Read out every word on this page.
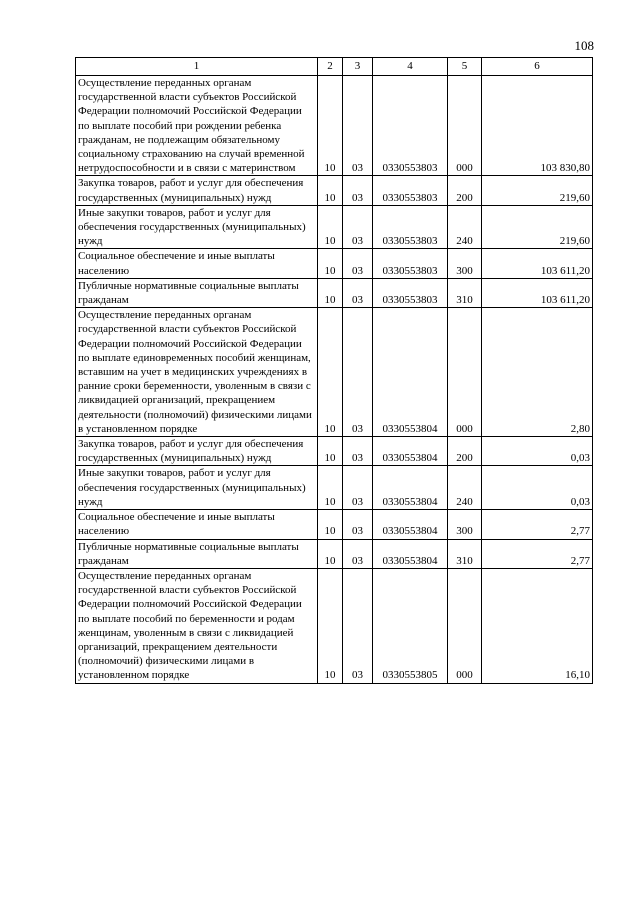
108
1	2	3	4	5	6
Осуществление переданных органам государственной власти субъектов Российской Федерации полномочий Российской Федерации по выплате пособий при рождении ребенка гражданам, не подлежащим обязательному социальному страхованию на случай временной нетрудоспособности и в связи с материнством	10	03	0330553803	000	103 830,80
Закупка товаров, работ и услуг для обеспечения государственных (муниципальных) нужд	10	03	0330553803	200	219,60
Иные закупки товаров, работ и услуг для обеспечения государственных (муниципальных) нужд	10	03	0330553803	240	219,60
Социальное обеспечение и иные выплаты населению	10	03	0330553803	300	103 611,20
Публичные нормативные социальные выплаты гражданам	10	03	0330553803	310	103 611,20
Осуществление переданных органам государственной власти субъектов Российской Федерации полномочий Российской Федерации по выплате единовременных пособий женщинам, вставшим на учет в медицинских учреждениях в ранние сроки беременности, уволенным в связи с ликвидацией организаций, прекращением деятельности (полномочий) физическими лицами в установленном порядке	10	03	0330553804	000	2,80
Закупка товаров, работ и услуг для обеспечения государственных (муниципальных) нужд	10	03	0330553804	200	0,03
Иные закупки товаров, работ и услуг для обеспечения государственных (муниципальных) нужд	10	03	0330553804	240	0,03
Социальное обеспечение и иные выплаты населению	10	03	0330553804	300	2,77
Публичные нормативные социальные выплаты гражданам	10	03	0330553804	310	2,77
Осуществление переданных органам государственной власти субъектов Российской Федерации полномочий Российской Федерации по выплате пособий по беременности и родам женщинам, уволенным в связи с ликвидацией организаций, прекращением деятельности (полномочий) физическими лицами в установленном порядке	10	03	0330553805	000	16,10
